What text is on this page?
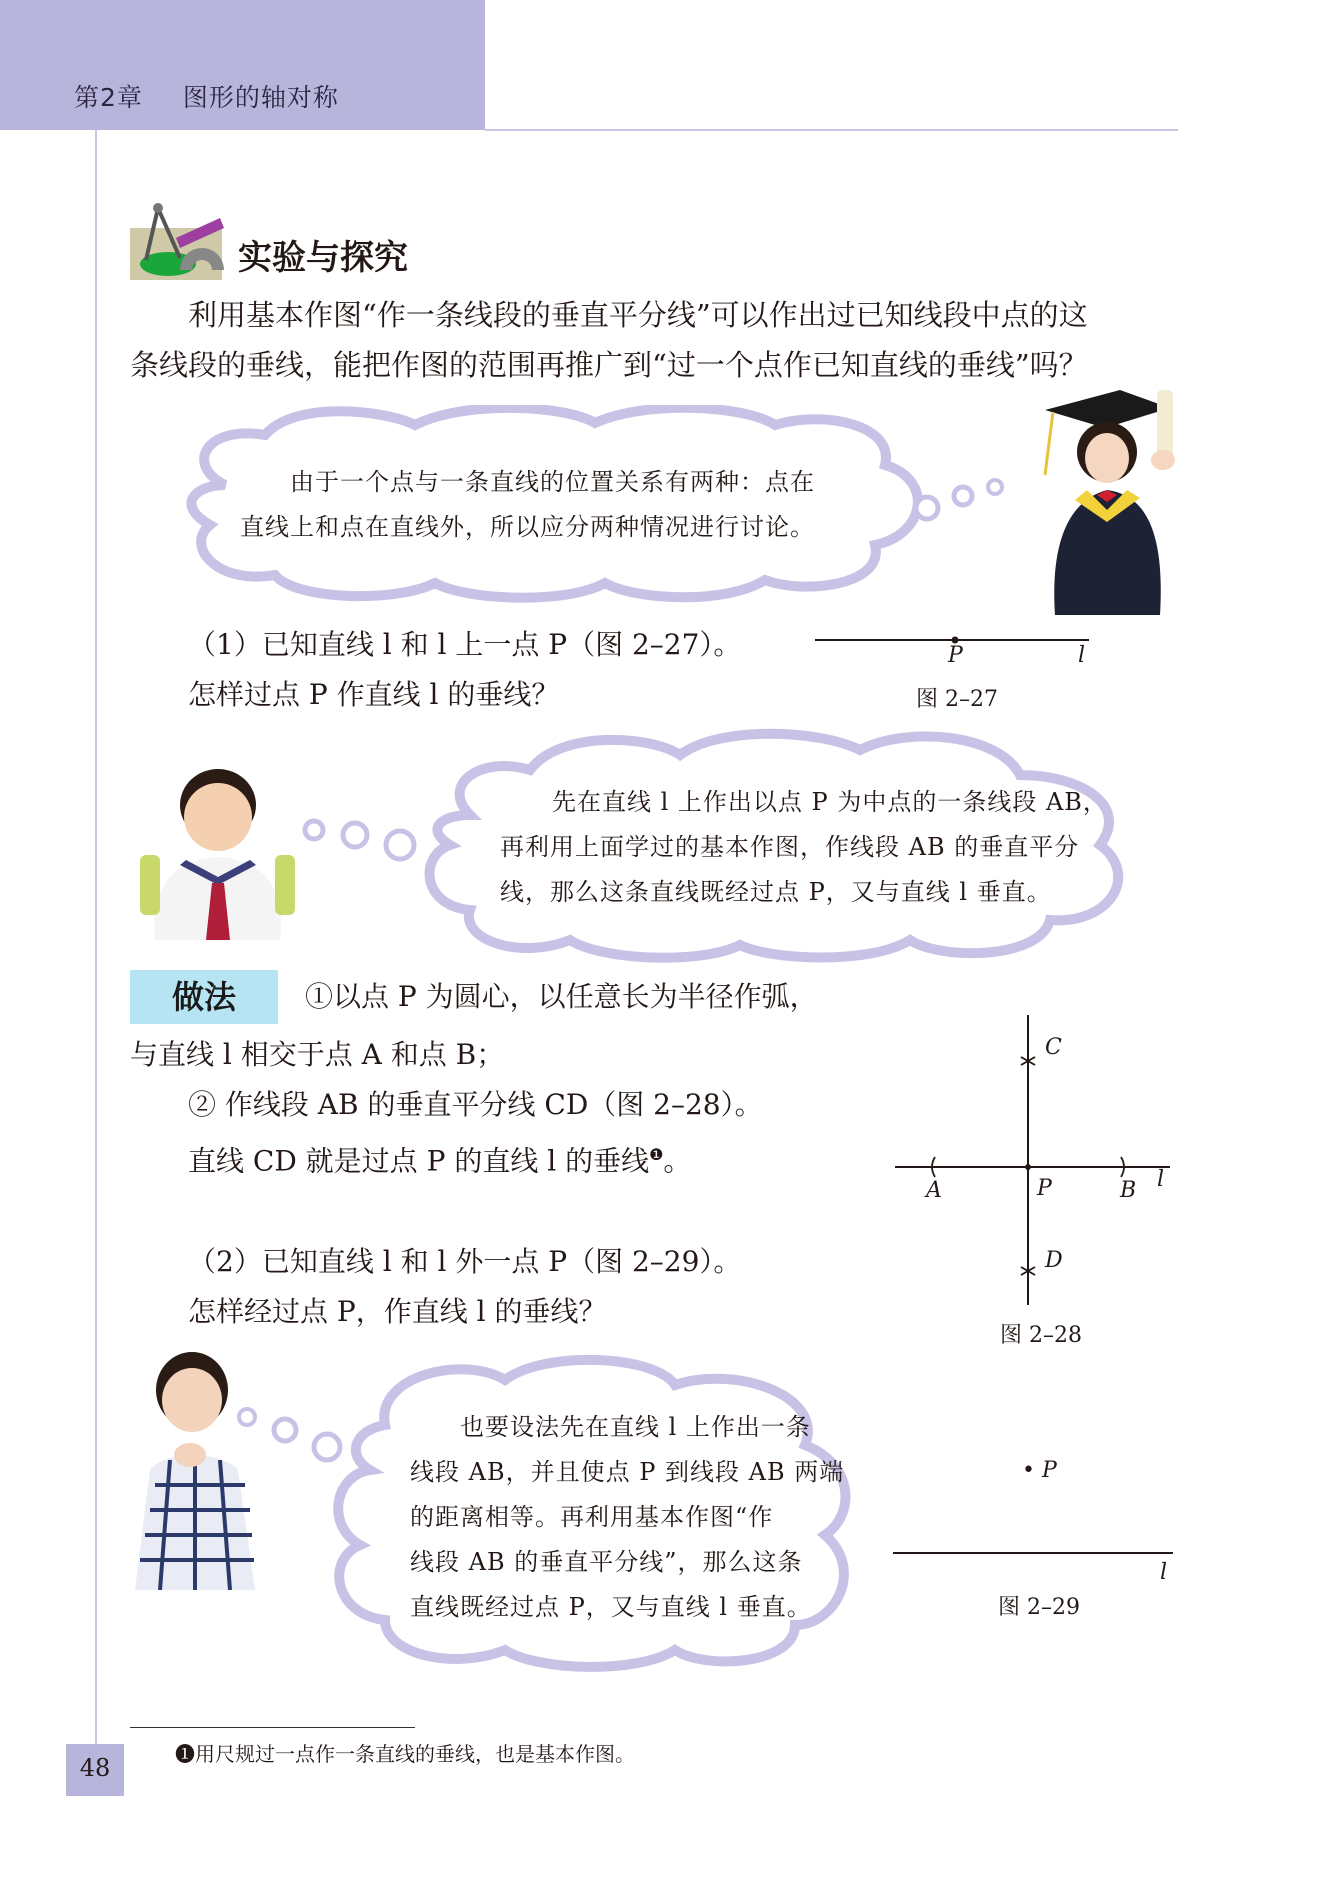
第2章 图形的轴对称
实验与探究

利用基本作图“作一条线段的垂直平分线”可以作出过已知线段中点的这

条线段的垂线，能把作图的范围再推广到“过一个点作已知直线的垂线”吗？

由于一个点与一条直线的位置关系有两种：点在
直线上和点在直线外，所以应分两种情况进行讨论。
（1）已知直线 l 和 l 上一点 P（图 2–27）。
怎样过点 P 作直线 l 的垂线？
P	l
图 2–27
先在直线 l 上作出以点 P 为中点的一条线段 AB，
再利用上面学过的基本作图，作线段 AB 的垂直平分
线，那么这条直线既经过点 P，又与直线 l 垂直。
做法	①以点 P 为圆心，以任意长为半径作弧，
与直线 l 相交于点 A 和点 B；
② 作线段 AB 的垂直平分线 CD（图 2–28）。
直线 CD 就是过点 P 的直线 l 的垂线$^❶$。
C
D
A	P	B l
图 2–28
（2）已知直线 l 和 l 外一点 P（图 2–29）。
怎样经过点 P，作直线 l 的垂线？
也要设法先在直线 l 上作出一条
线段 AB，并且使点 P 到线段 AB 两端
的距离相等。再利用基本作图“作
线段 AB 的垂直平分线”，那么这条
直线既经过点 P，又与直线 l 垂直。
• P
l
图 2–29
❶用尺规过一点作一条直线的垂线，也是基本作图。
48
